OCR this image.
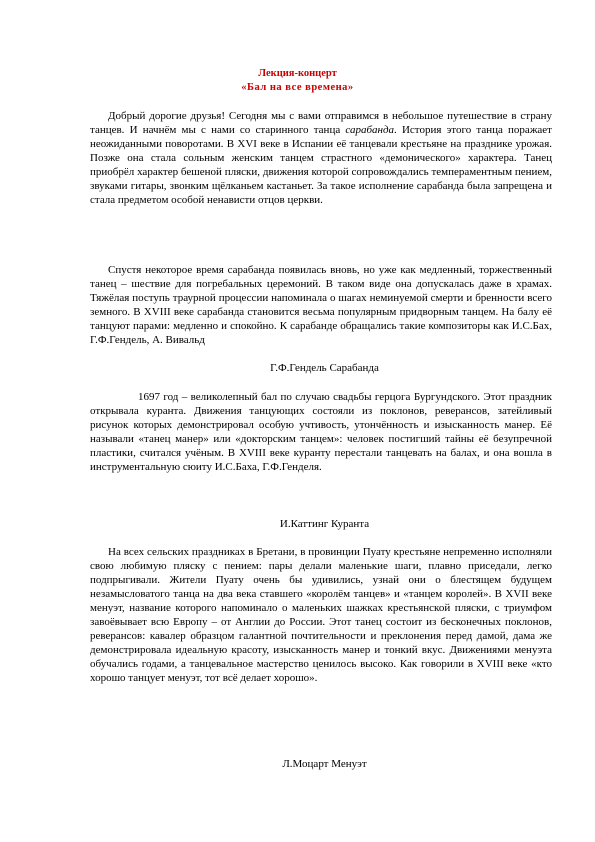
Лекция-концерт
«Бал на все времена»

Добрый дорогие друзья! Сегодня мы с вами отправимся в небольшое путешествие в страну танцев. И начнём мы с нами со старинного танца сарабанда. История этого танца поражает неожиданными поворотами. В XVI веке в Испании её танцевали крестьяне на празднике урожая. Позже она стала сольным женским танцем страстного «демонического» характера. Танец приобрёл характер бешеной пляски, движения которой сопровождались темпераментным пением, звуками гитары, звонким щёлканьем кастаньет. За такое исполнение сарабанда была запрещена и стала предметом особой ненависти отцов церкви.

Спустя некоторое время сарабанда появилась вновь, но уже как медленный, торжественный танец – шествие для погребальных церемоний. В таком виде она допускалась даже в храмах. Тяжёлая поступь траурной процессии напоминала о шагах неминуемой смерти и бренности всего земного. В XVIII веке сарабанда становится весьма популярным придворным танцем. На балу её танцуют парами: медленно и спокойно. К сарабанде обращались такие композиторы как И.С.Бах, Г.Ф.Гендель, А. Вивальд

Г.Ф.Гендель Сарабанда

1697 год – великолепный бал по случаю свадьбы герцога Бургундского. Этот праздник открывала куранта. Движения танцующих состояли из поклонов, реверансов, затейливый рисунок которых демонстрировал особую учтивость, утончённость и изысканность манер. Её называли «танец манер» или «докторским танцем»: человек постигший тайны её безупречной пластики, считался учёным. В XVIII веке куранту перестали танцевать на балах, и она вошла в инструментальную сюиту И.С.Баха, Г.Ф.Генделя.

И.Каттинг Куранта

На всех сельских праздниках в Бретани, в провинции Пуату крестьяне непременно исполняли свою любимую пляску с пением: пары делали маленькие шаги, плавно приседали, легко подпрыгивали. Жители Пуату очень бы удивились, узнай они о блестящем будущем незамысловатого танца на два века ставшего «королём танцев» и «танцем королей». В XVII веке менуэт, название которого напоминало о маленьких шажках крестьянской пляски, с триумфом завоёвывает всю Европу – от Англии до России. Этот танец состоит из бесконечных поклонов, реверансов: кавалер образцом галантной почтительности и преклонения перед дамой, дама же демонстрировала идеальную красоту, изысканность манер и тонкий вкус. Движениями менуэта обучались годами, а танцевальное мастерство ценилось высоко. Как говорили в XVIII веке «кто хорошо танцует менуэт, тот всё делает хорошо».

Л.Моцарт Менуэт
